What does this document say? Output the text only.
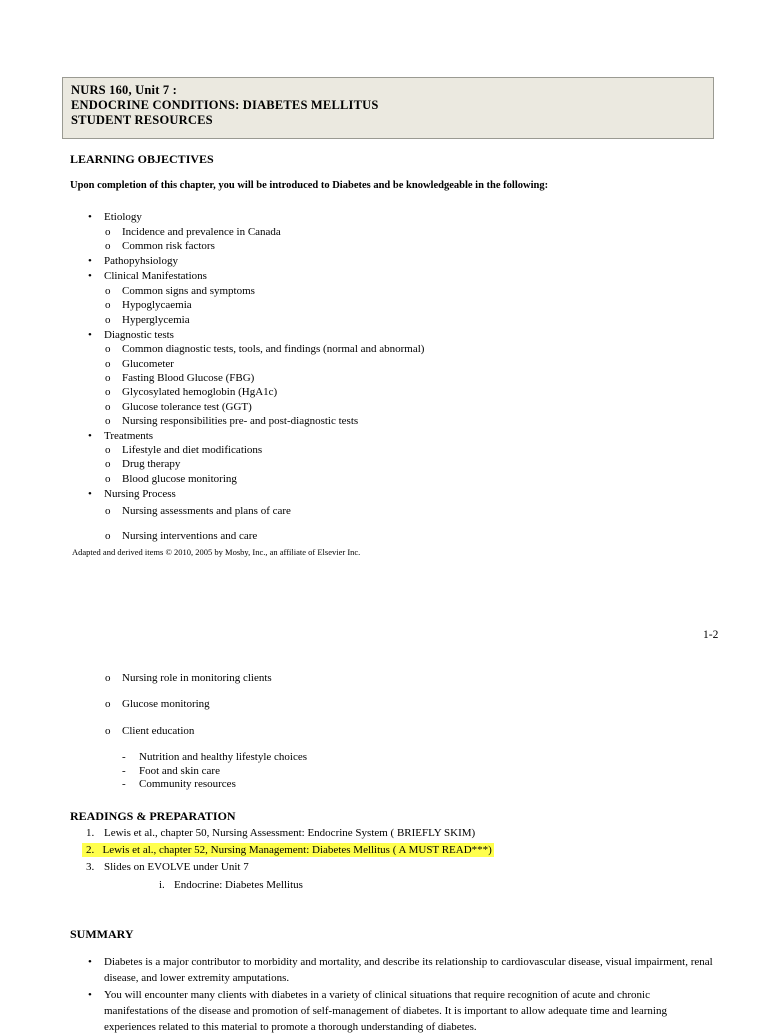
NURS 160, Unit 7 :
ENDOCRINE CONDITIONS: DIABETES MELLITUS
STUDENT RESOURCES
LEARNING OBJECTIVES
Upon completion of this chapter, you will be introduced to Diabetes and be knowledgeable in the following:
• Etiology
o Incidence and prevalence in Canada
o Common risk factors
• Pathopyhsiology
• Clinical Manifestations
o Common signs and symptoms
o Hypoglycaemia
o Hyperglycemia
• Diagnostic tests
o Common diagnostic tests, tools, and findings (normal and abnormal)
o Glucometer
o Fasting Blood Glucose (FBG)
o Glycosylated hemoglobin (HgA1c)
o Glucose tolerance test (GGT)
o Nursing responsibilities pre- and post-diagnostic tests
• Treatments
o Lifestyle and diet modifications
o Drug therapy
o Blood glucose monitoring
• Nursing Process
o Nursing assessments and plans of care
o Nursing interventions and care
Adapted and derived items © 2010, 2005 by Mosby, Inc., an affiliate of Elsevier Inc.
1-2
o Nursing role in monitoring clients
o Glucose monitoring
o Client education
- Nutrition and healthy lifestyle choices
- Foot and skin care
- Community resources
READINGS & PREPARATION
1. Lewis et al., chapter 50, Nursing Assessment: Endocrine System ( BRIEFLY SKIM)
2.   Lewis et al., chapter 52, Nursing Management: Diabetes Mellitus ( A MUST READ***)
3. Slides on EVOLVE under Unit 7
i. Endocrine: Diabetes Mellitus
SUMMARY
• Diabetes is a major contributor to morbidity and mortality, and describe its relationship to cardiovascular disease, visual impairment, renal disease, and lower extremity amputations.
• You will encounter many clients with diabetes in a variety of clinical situations that require recognition of acute and chronic manifestations of the disease and promotion of self-management of diabetes. It is important to allow adequate time and learning experiences related to this material to promote a thorough understanding of diabetes.
